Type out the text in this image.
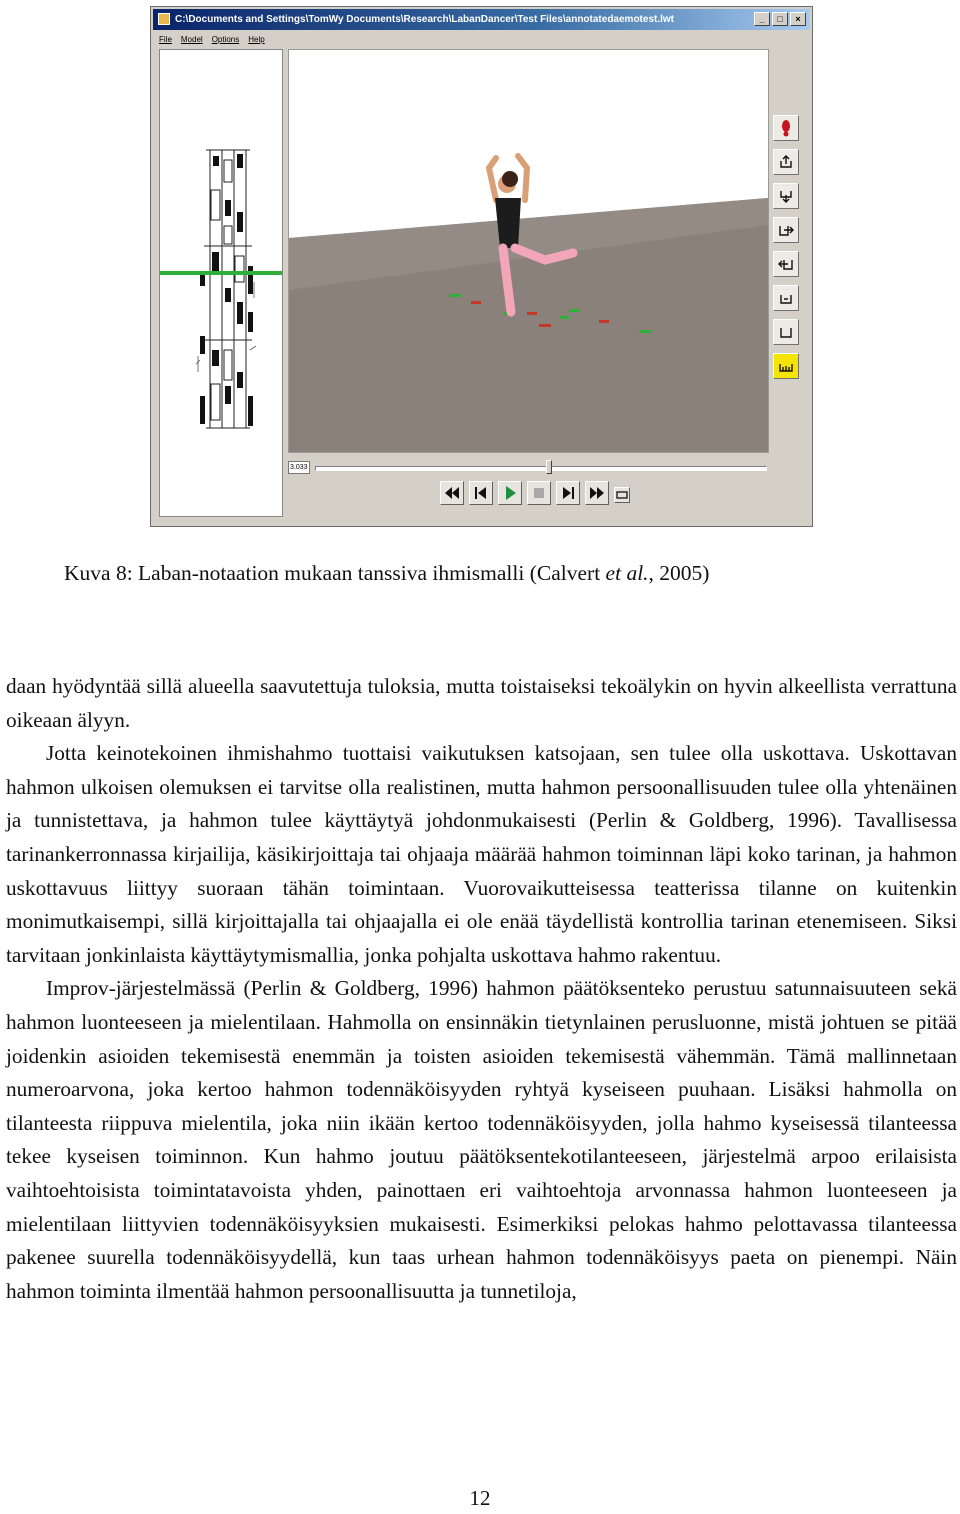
C:\Documents and Settings\TomWy Documents\Research\LabanDancer\Test Files\annotatedaemotest.lwt	_	□	×
File Model Options Help
3.033
Kuva 8: Laban-notaation mukaan tanssiva ihmismalli (Calvert et al., 2005)

daan hyödyntää sillä alueella saavutettuja tuloksia, mutta toistaiseksi tekoälykin on hyvin alkeellista verrattuna oikeaan älyyn.

Jotta keinotekoinen ihmishahmo tuottaisi vaikutuksen katsojaan, sen tulee olla uskottava. Uskottavan hahmon ulkoisen olemuksen ei tarvitse olla realistinen, mutta hahmon persoonallisuuden tulee olla yhtenäinen ja tunnistettava, ja hahmon tulee käyttäytyä johdonmukaisesti (Perlin & Goldberg, 1996). Tavallisessa tarinankerronnassa kirjailija, käsikirjoittaja tai ohjaaja määrää hahmon toiminnan läpi koko tarinan, ja hahmon uskottavuus liittyy suoraan tähän toimintaan. Vuorovaikutteisessa teatterissa tilanne on kuitenkin monimutkaisempi, sillä kirjoittajalla tai ohjaajalla ei ole enää täydellistä kontrollia tarinan etenemiseen. Siksi tarvitaan jonkinlaista käyttäytymismallia, jonka pohjalta uskottava hahmo rakentuu.

Improv-järjestelmässä (Perlin & Goldberg, 1996) hahmon päätöksenteko perustuu satunnaisuuteen sekä hahmon luonteeseen ja mielentilaan. Hahmolla on ensinnäkin tietynlainen perusluonne, mistä johtuen se pitää joidenkin asioiden tekemisestä enemmän ja toisten asioiden tekemisestä vähemmän. Tämä mallinnetaan numeroarvona, joka kertoo hahmon todennäköisyyden ryhtyä kyseiseen puuhaan. Lisäksi hahmolla on tilanteesta riippuva mielentila, joka niin ikään kertoo todennäköisyyden, jolla hahmo kyseisessä tilanteessa tekee kyseisen toiminnon. Kun hahmo joutuu päätöksentekotilanteeseen, järjestelmä arpoo erilaisista vaihtoehtoisista toimintatavoista yhden, painottaen eri vaihtoehtoja arvonnassa hahmon luonteeseen ja mielentilaan liittyvien todennäköisyyksien mukaisesti. Esimerkiksi pelokas hahmo pelottavassa tilanteessa pakenee suurella todennäköisyydellä, kun taas urhean hahmon todennäköisyys paeta on pienempi. Näin hahmon toiminta ilmentää hahmon persoonallisuutta ja tunnetiloja,

12
